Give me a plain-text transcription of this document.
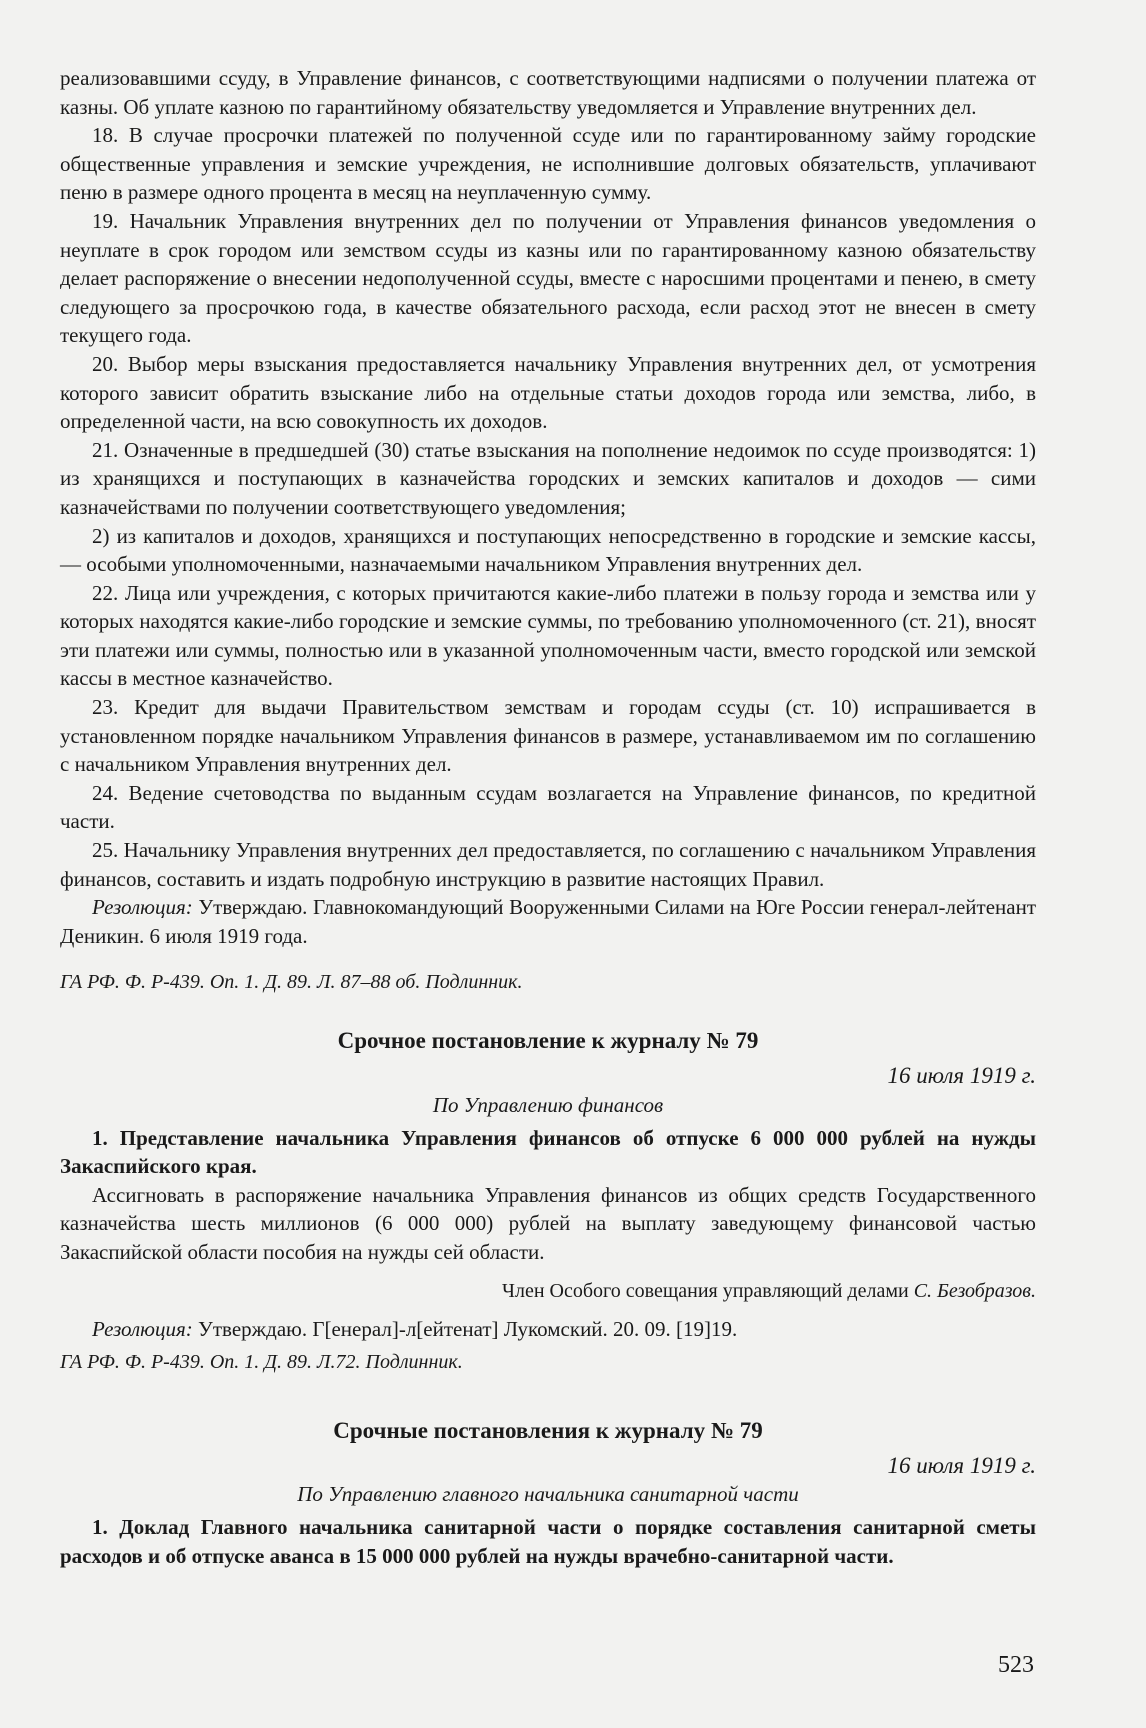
реализовавшими ссуду, в Управление финансов, с соответствующими надписями о получении платежа от казны. Об уплате казною по гарантийному обязательству уведомляется и Управление внутренних дел.

18. В случае просрочки платежей по полученной ссуде или по гарантированному займу городские общественные управления и земские учреждения, не исполнившие долговых обязательств, уплачивают пеню в размере одного процента в месяц на неуплаченную сумму.

19. Начальник Управления внутренних дел по получении от Управления финансов уведомления о неуплате в срок городом или земством ссуды из казны или по гарантированному казною обязательству делает распоряжение о внесении недополученной ссуды, вместе с наросшими процентами и пенею, в смету следующего за просрочкою года, в качестве обязательного расхода, если расход этот не внесен в смету текущего года.

20. Выбор меры взыскания предоставляется начальнику Управления внутренних дел, от усмотрения которого зависит обратить взыскание либо на отдельные статьи доходов города или земства, либо, в определенной части, на всю совокупность их доходов.

21. Означенные в предшедшей (30) статье взыскания на пополнение недоимок по ссуде производятся: 1) из хранящихся и поступающих в казначейства городских и земских капиталов и доходов — сими казначействами по получении соответствующего уведомления;

2) из капиталов и доходов, хранящихся и поступающих непосредственно в городские и земские кассы, — особыми уполномоченными, назначаемыми начальником Управления внутренних дел.

22. Лица или учреждения, с которых причитаются какие-либо платежи в пользу города и земства или у которых находятся какие-либо городские и земские суммы, по требованию уполномоченного (ст. 21), вносят эти платежи или суммы, полностью или в указанной уполномоченным части, вместо городской или земской кассы в местное казначейство.

23. Кредит для выдачи Правительством земствам и городам ссуды (ст. 10) испрашивается в установленном порядке начальником Управления финансов в размере, устанавливаемом им по соглашению с начальником Управления внутренних дел.

24. Ведение счетоводства по выданным ссудам возлагается на Управление финансов, по кредитной части.

25. Начальнику Управления внутренних дел предоставляется, по соглашению с начальником Управления финансов, составить и издать подробную инструкцию в развитие настоящих Правил.

Резолюция: Утверждаю. Главнокомандующий Вооруженными Силами на Юге России генерал-лейтенант Деникин. 6 июля 1919 года.

ГА РФ. Ф. Р-439. Оп. 1. Д. 89. Л. 87–88 об. Подлинник.

Срочное постановление к журналу № 79

16 июля 1919 г.

По Управлению финансов

1. Представление начальника Управления финансов об отпуске 6 000 000 рублей на нужды Закаспийского края.

Ассигновать в распоряжение начальника Управления финансов из общих средств Государственного казначейства шесть миллионов (6 000 000) рублей на выплату заведующему финансовой частью Закаспийской области пособия на нужды сей области.

Член Особого совещания управляющий делами С. Безобразов.

Резолюция: Утверждаю. Г[енерал]-л[ейтенат] Лукомский. 20. 09. [19]19.

ГА РФ. Ф. Р-439. Оп. 1. Д. 89. Л.72. Подлинник.

Срочные постановления к журналу № 79

16 июля 1919 г.

По Управлению главного начальника санитарной части

1. Доклад Главного начальника санитарной части о порядке составления санитарной сметы расходов и об отпуске аванса в 15 000 000 рублей на нужды врачебно-санитарной части.

523
